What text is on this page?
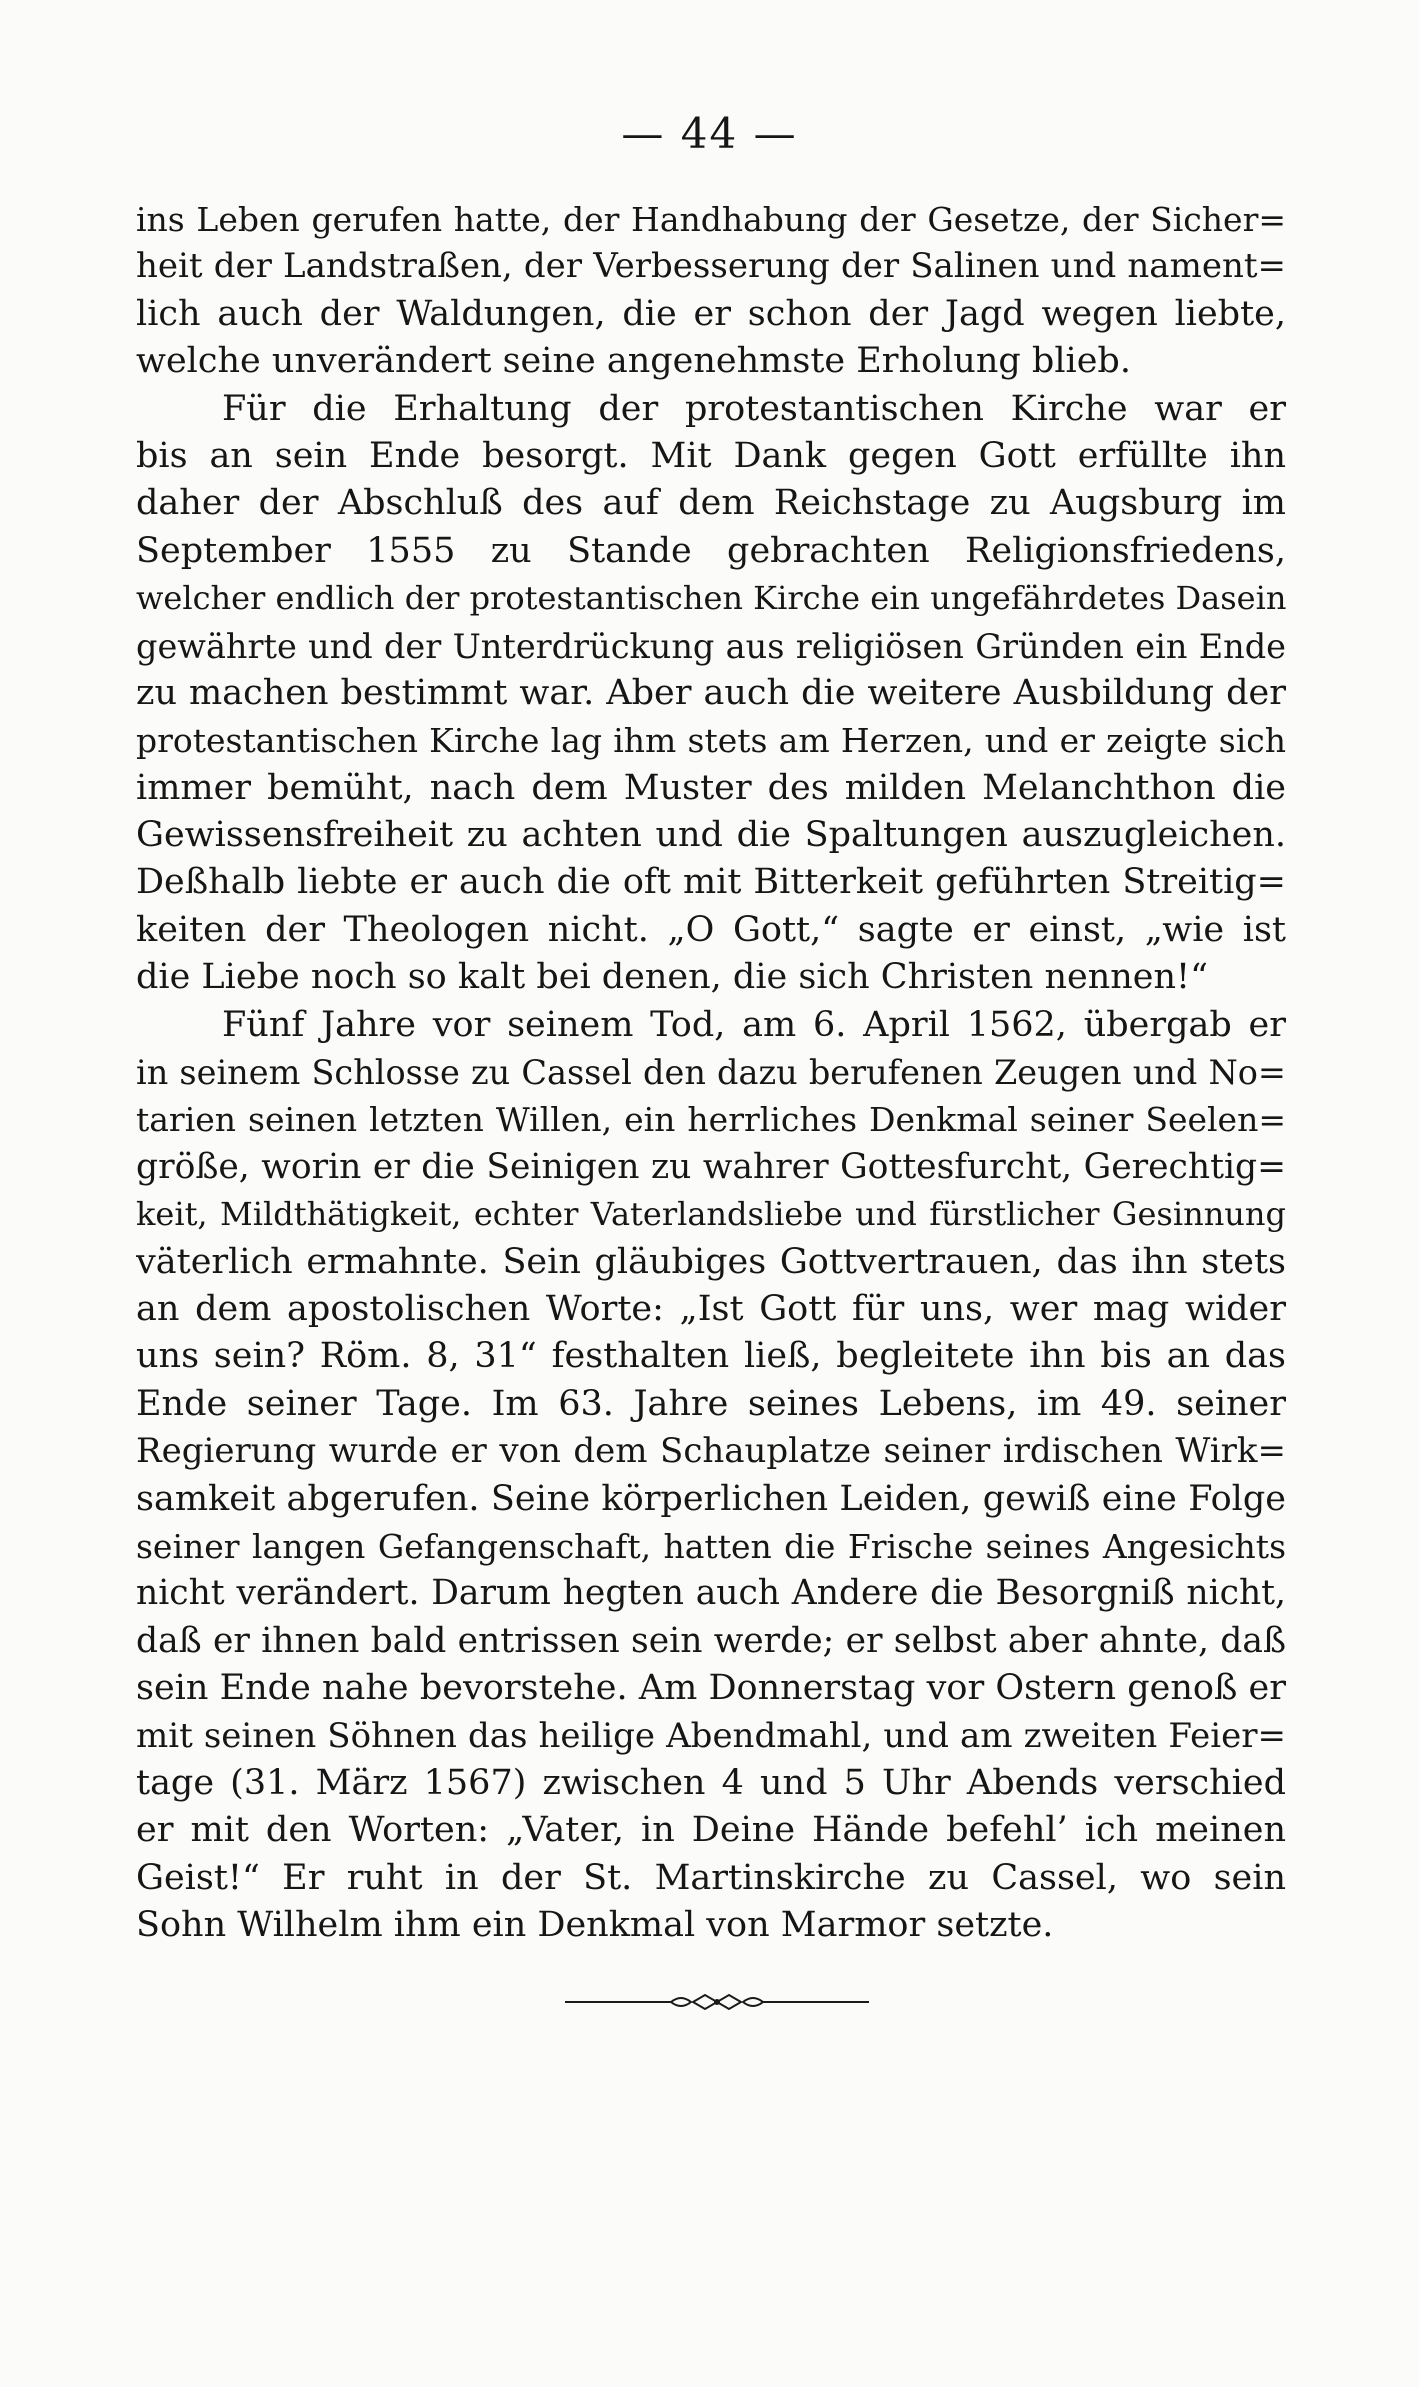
— 44 —
ins Leben gerufen hatte, der Handhabung der Gesetze, der Sicher=
heit der Landstraßen, der Verbesserung der Salinen und nament=
lich auch der Waldungen, die er schon der Jagd wegen liebte,
welche unverändert seine angenehmste Erholung blieb.
Für die Erhaltung der protestantischen Kirche war er
bis an sein Ende besorgt. Mit Dank gegen Gott erfüllte ihn
daher der Abschluß des auf dem Reichstage zu Augsburg im
September 1555 zu Stande gebrachten Religionsfriedens,
welcher endlich der protestantischen Kirche ein ungefährdetes Dasein
gewährte und der Unterdrückung aus religiösen Gründen ein Ende
zu machen bestimmt war. Aber auch die weitere Ausbildung der
protestantischen Kirche lag ihm stets am Herzen, und er zeigte sich
immer bemüht, nach dem Muster des milden Melanchthon die
Gewissensfreiheit zu achten und die Spaltungen auszugleichen.
Deßhalb liebte er auch die oft mit Bitterkeit geführten Streitig=
keiten der Theologen nicht. „O Gott,“ sagte er einst, „wie ist
die Liebe noch so kalt bei denen, die sich Christen nennen!“
Fünf Jahre vor seinem Tod, am 6. April 1562, übergab er
in seinem Schlosse zu Cassel den dazu berufenen Zeugen und No=
tarien seinen letzten Willen, ein herrliches Denkmal seiner Seelen=
größe, worin er die Seinigen zu wahrer Gottesfurcht, Gerechtig=
keit, Mildthätigkeit, echter Vaterlandsliebe und fürstlicher Gesinnung
väterlich ermahnte. Sein gläubiges Gottvertrauen, das ihn stets
an dem apostolischen Worte: „Ist Gott für uns, wer mag wider
uns sein? Röm. 8, 31“ festhalten ließ, begleitete ihn bis an das
Ende seiner Tage. Im 63. Jahre seines Lebens, im 49. seiner
Regierung wurde er von dem Schauplatze seiner irdischen Wirk=
samkeit abgerufen. Seine körperlichen Leiden, gewiß eine Folge
seiner langen Gefangenschaft, hatten die Frische seines Angesichts
nicht verändert. Darum hegten auch Andere die Besorgniß nicht,
daß er ihnen bald entrissen sein werde; er selbst aber ahnte, daß
sein Ende nahe bevorstehe. Am Donnerstag vor Ostern genoß er
mit seinen Söhnen das heilige Abendmahl, und am zweiten Feier=
tage (31. März 1567) zwischen 4 und 5 Uhr Abends verschied
er mit den Worten: „Vater, in Deine Hände befehl’ ich meinen
Geist!“ Er ruht in der St. Martinskirche zu Cassel, wo sein
Sohn Wilhelm ihm ein Denkmal von Marmor setzte.
